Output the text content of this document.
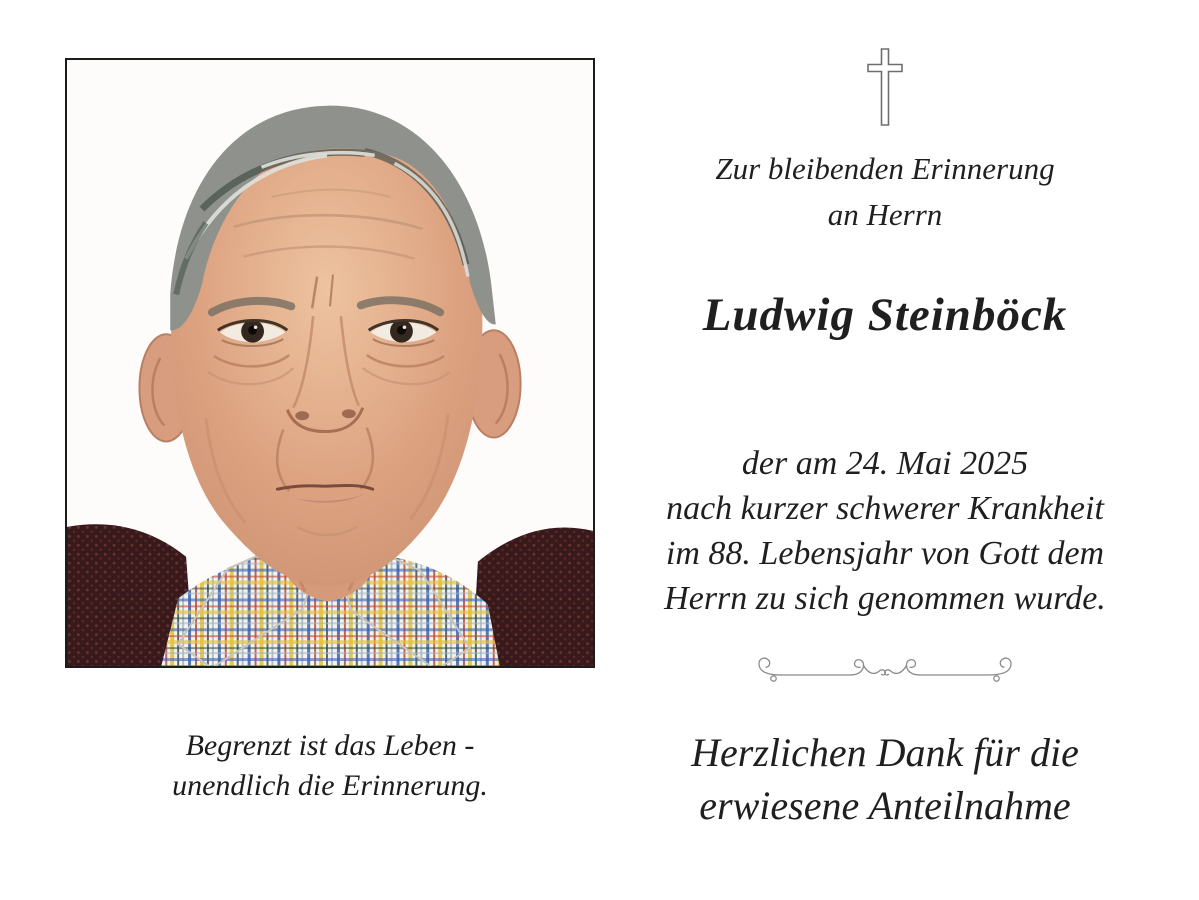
Begrenzt ist das Leben -
unendlich die Erinnerung.
Zur bleibenden Erinnerung
an Herrn
Ludwig Steinböck
der am 24. Mai 2025
nach kurzer schwerer Krankheit
im 88. Lebensjahr von Gott dem
Herrn zu sich genommen wurde.
Herzlichen Dank für die
erwiesene Anteilnahme
